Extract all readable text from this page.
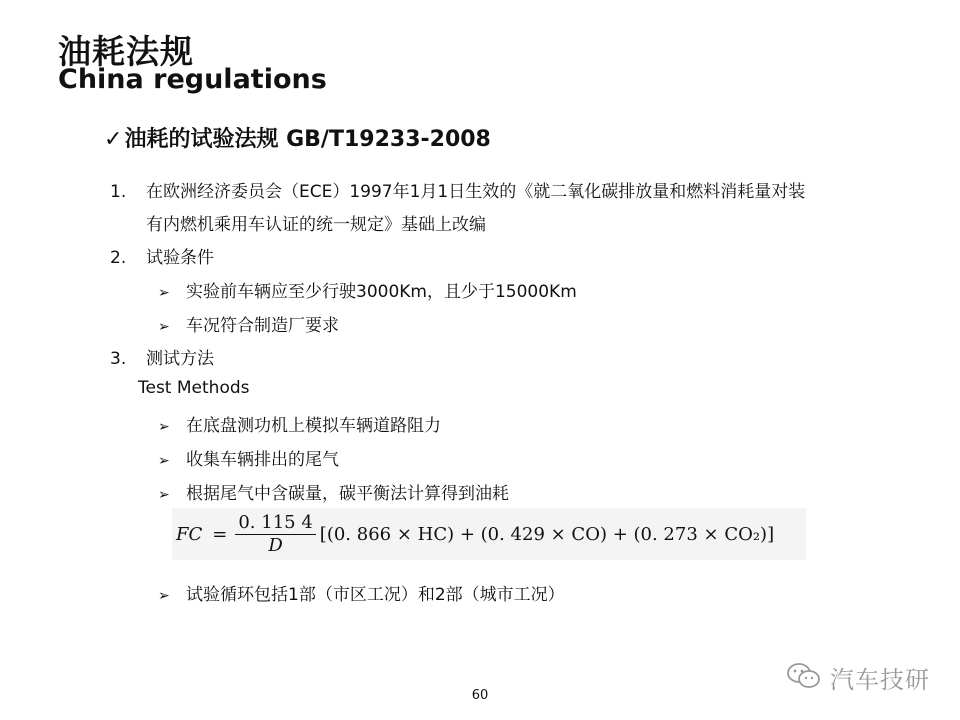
油耗法规
China regulations
✓油耗的试验法规 GB/T19233-2008
1. 在欧洲经济委员会（ECE）1997年1月1日生效的《就二氧化碳排放量和燃料消耗量对装
有内燃机乘用车认证的统一规定》基础上改编
2. 试验条件
➢ 实验前车辆应至少行驶3000Km，且少于15000Km
➢ 车况符合制造厂要求
3. 测试方法
Test Methods
➢ 在底盘测功机上模拟车辆道路阻力
➢ 收集车辆排出的尾气
➢ 根据尾气中含碳量，碳平衡法计算得到油耗
FC = $\frac{0. 115 4}{D} [(0$. 866 × HC) + (0. 429 × CO) + (0. 273 × CO₂)]
➢ 试验循环包括1部（市区工况）和2部（城市工况）
汽车技研
60
